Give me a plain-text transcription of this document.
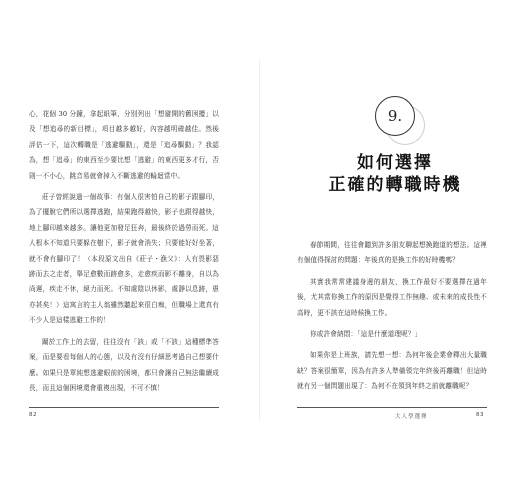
心，花個 30 分鐘，拿起紙筆，分別列出「想避開的舊困擾」以及「想追尋的新目標」，項目越多越好，內容越明確越佳。然後評估一下，這次轉職是「逃避驅動」，還是「追尋驅動」？我認為，想「追尋」的東西至少要比想「逃避」的東西更多才行，否則一不小心，跳音易就會掉入不斷逃避的輪迴當中。

莊子曾經說過一個故事：有個人很害怕自己的影子跟腳印，為了擺脫它們所以選擇逃跑，結果跑得越快，影子也跟得越快，地上腳印越來越多。讓他更加發足狂奔，最後終於過勞而死。這人根本不知道只要躲在樹下，影子就會消失；只要能好好坐著，就不會有腳印了！（本段原文出自《莊子・漁父》：人有畏影惡跡而去之走者，舉足愈數而跡愈多，走愈疾而影不離身，自以為尚遲，疾走不休，絕力而死。不知處陰以休影，處靜以息跡，愚亦甚矣！）這寓言的主人翁雖然聽起來很白痴，但職場上還真有不少人是這樣逃避工作的！

關於工作上的去留，往往沒有「該」或「不該」這種標準答案，而是要看每個人的心態，以及有沒有仔細思考過自己想要什麼。如果只是單純想逃避眼前的困境，都只會讓自己無法繼續成長，而且這個困境還會重複出現，不可不慎！

82
9.
如何選擇
正確的轉職時機

春節期間，往往會聽到許多朋友聊起想換跑道的想法。這裡有個值得探討的問題：年後真的是換工作的好時機嗎？

其實我常常建議身邊的朋友，換工作最好不要選擇在過年後，尤其當你換工作的原因是覺得工作無趣、或未來的成長性不高時，更不該在這時候換工作。

你或許會納悶：「這是什麼道理呢？」

如果你是上班族，請先想一想：為何年後企業會釋出大量職缺？答案很簡單，因為有許多人準備領完年終後再離職！但這時就有另一個問題出現了：為何不在領到年終之前就離職呢？

大人學選擇	83
